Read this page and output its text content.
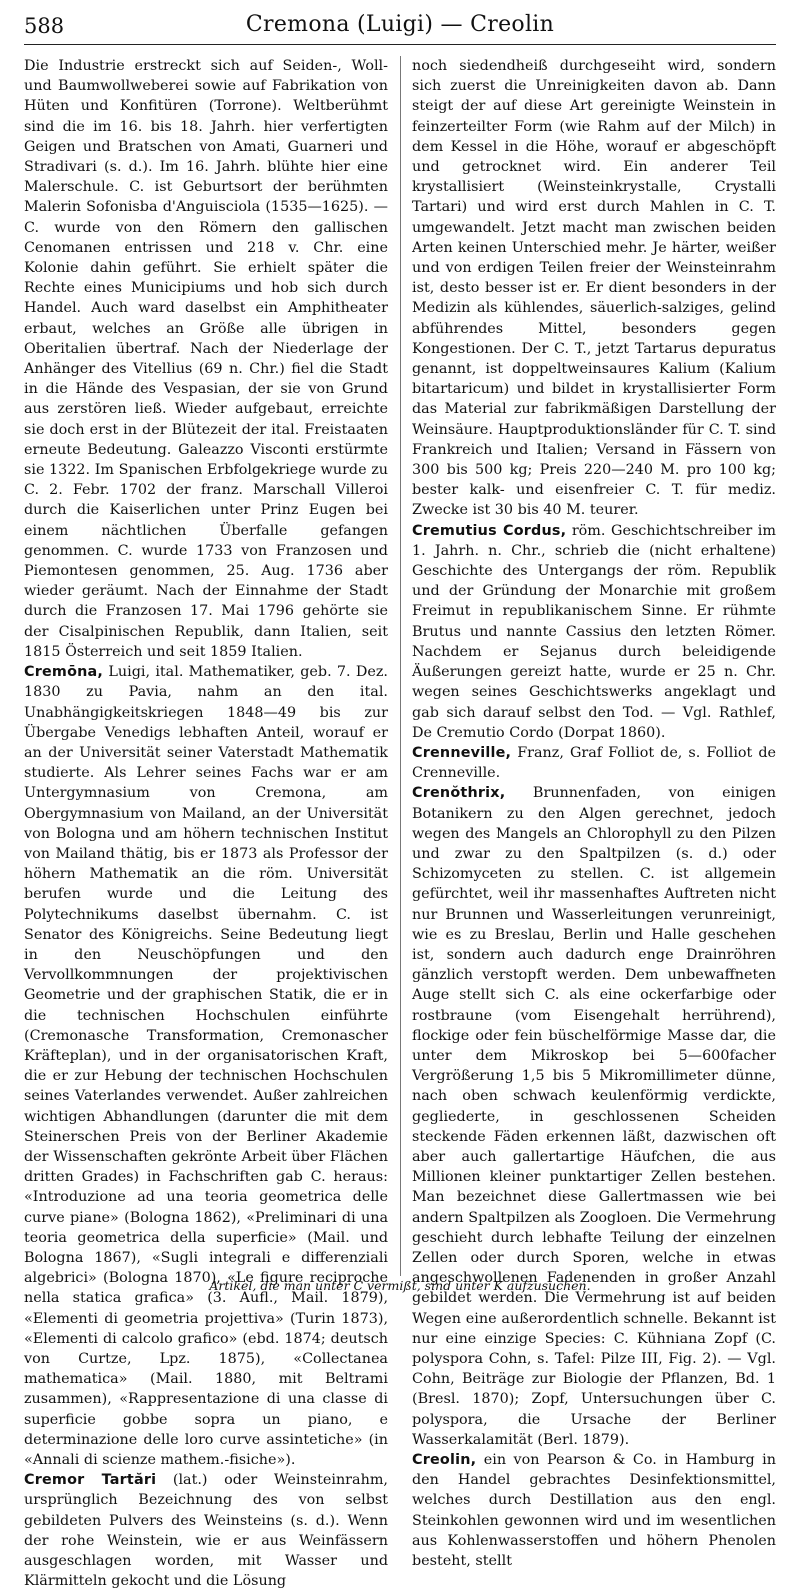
588	Cremona (Luigi) — Creolin

Die Industrie erstreckt sich auf Seiden-, Woll- und Baumwollweberei sowie auf Fabrikation von Hüten und Konfitüren (Torrone). Weltberühmt sind die im 16. bis 18. Jahrh. hier verfertigten Geigen und Bratschen von Amati, Guarneri und Stradivari (s. d.). Im 16. Jahrh. blühte hier eine Malerschule. C. ist Geburtsort der berühmten Malerin Sofonisba d'Anguisciola (1535—1625). — C. wurde von den Römern den gallischen Cenomanen entrissen und 218 v. Chr. eine Kolonie dahin geführt. Sie erhielt später die Rechte eines Municipiums und hob sich durch Handel. Auch ward daselbst ein Amphitheater erbaut, welches an Größe alle übrigen in Oberitalien übertraf. Nach der Niederlage der Anhänger des Vitellius (69 n. Chr.) fiel die Stadt in die Hände des Vespasian, der sie von Grund aus zerstören ließ. Wieder aufgebaut, erreichte sie doch erst in der Blütezeit der ital. Freistaaten erneute Bedeutung. Galeazzo Visconti erstürmte sie 1322. Im Spanischen Erbfolgekriege wurde zu C. 2. Febr. 1702 der franz. Marschall Villeroi durch die Kaiserlichen unter Prinz Eugen bei einem nächtlichen Überfalle gefangen genommen. C. wurde 1733 von Franzosen und Piemontesen genommen, 25. Aug. 1736 aber wieder geräumt. Nach der Einnahme der Stadt durch die Franzosen 17. Mai 1796 gehörte sie der Cisalpinischen Republik, dann Italien, seit 1815 Österreich und seit 1859 Italien.

Cremōna, Luigi, ital. Mathematiker, geb. 7. Dez. 1830 zu Pavia, nahm an den ital. Unabhängigkeitskriegen 1848—49 bis zur Übergabe Venedigs lebhaften Anteil, worauf er an der Universität seiner Vaterstadt Mathematik studierte. Als Lehrer seines Fachs war er am Untergymnasium von Cremona, am Obergymnasium von Mailand, an der Universität von Bologna und am höhern technischen Institut von Mailand thätig, bis er 1873 als Professor der höhern Mathematik an die röm. Universität berufen wurde und die Leitung des Polytechnikums daselbst übernahm. C. ist Senator des Königreichs. Seine Bedeutung liegt in den Neuschöpfungen und den Vervollkommnungen der projektivischen Geometrie und der graphischen Statik, die er in die technischen Hochschulen einführte (Cremonasche Transformation, Cremonascher Kräfteplan), und in der organisatorischen Kraft, die er zur Hebung der technischen Hochschulen seines Vaterlandes verwendet. Außer zahlreichen wichtigen Abhandlungen (darunter die mit dem Steinerschen Preis von der Berliner Akademie der Wissenschaften gekrönte Arbeit über Flächen dritten Grades) in Fachschriften gab C. heraus: «Introduzione ad una teoria geometrica delle curve piane» (Bologna 1862), «Preliminari di una teoria geometrica della superficie» (Mail. und Bologna 1867), «Sugli integrali e differenziali algebrici» (Bologna 1870), «Le figure reciproche nella statica grafica» (3. Aufl., Mail. 1879), «Elementi di geometria projettiva» (Turin 1873), «Elementi di calcolo grafico» (ebd. 1874; deutsch von Curtze, Lpz. 1875), «Collectanea mathematica» (Mail. 1880, mit Beltrami zusammen), «Rappresentazione di una classe di superficie gobbe sopra un piano, e determinazione delle loro curve assintetiche» (in «Annali di scienze mathem.-fisiche»).

Cremor Tartări (lat.) oder Weinsteinrahm, ursprünglich Bezeichnung des von selbst gebildeten Pulvers des Weinsteins (s. d.). Wenn der rohe Weinstein, wie er aus Weinfässern ausgeschlagen worden, mit Wasser und Klärmitteln gekocht und die Lösung

noch siedendheiß durchgeseiht wird, sondern sich zuerst die Unreinigkeiten davon ab. Dann steigt der auf diese Art gereinigte Weinstein in feinzerteilter Form (wie Rahm auf der Milch) in dem Kessel in die Höhe, worauf er abgeschöpft und getrocknet wird. Ein anderer Teil krystallisiert (Weinsteinkrystalle, Crystalli Tartari) und wird erst durch Mahlen in C. T. umgewandelt. Jetzt macht man zwischen beiden Arten keinen Unterschied mehr. Je härter, weißer und von erdigen Teilen freier der Weinsteinrahm ist, desto besser ist er. Er dient besonders in der Medizin als kühlendes, säuerlich-salziges, gelind abführendes Mittel, besonders gegen Kongestionen. Der C. T., jetzt Tartarus depuratus genannt, ist doppeltweinsaures Kalium (Kalium bitartaricum) und bildet in krystallisierter Form das Material zur fabrikmäßigen Darstellung der Weinsäure. Hauptproduktionsländer für C. T. sind Frankreich und Italien; Versand in Fässern von 300 bis 500 kg; Preis 220—240 M. pro 100 kg; bester kalk- und eisenfreier C. T. für mediz. Zwecke ist 30 bis 40 M. teurer.

Cremutius Cordus, röm. Geschichtschreiber im 1. Jahrh. n. Chr., schrieb die (nicht erhaltene) Geschichte des Untergangs der röm. Republik und der Gründung der Monarchie mit großem Freimut in republikanischem Sinne. Er rühmte Brutus und nannte Cassius den letzten Römer. Nachdem er Sejanus durch beleidigende Äußerungen gereizt hatte, wurde er 25 n. Chr. wegen seines Geschichtswerks angeklagt und gab sich darauf selbst den Tod. — Vgl. Rathlef, De Cremutio Cordo (Dorpat 1860).

Crenneville, Franz, Graf Folliot de, s. Folliot de Crenneville.

Crenŏthrix, Brunnenfaden, von einigen Botanikern zu den Algen gerechnet, jedoch wegen des Mangels an Chlorophyll zu den Pilzen und zwar zu den Spaltpilzen (s. d.) oder Schizomyceten zu stellen. C. ist allgemein gefürchtet, weil ihr massenhaftes Auftreten nicht nur Brunnen und Wasserleitungen verunreinigt, wie es zu Breslau, Berlin und Halle geschehen ist, sondern auch dadurch enge Drainröhren gänzlich verstopft werden. Dem unbewaffneten Auge stellt sich C. als eine ockerfarbige oder rostbraune (vom Eisengehalt herrührend), flockige oder fein büschelförmige Masse dar, die unter dem Mikroskop bei 5—600facher Vergrößerung 1,5 bis 5 Mikromillimeter dünne, nach oben schwach keulenförmig verdickte, gegliederte, in geschlossenen Scheiden steckende Fäden erkennen läßt, dazwischen oft aber auch gallertartige Häufchen, die aus Millionen kleiner punktartiger Zellen bestehen. Man bezeichnet diese Gallertmassen wie bei andern Spaltpilzen als Zoogloen. Die Vermehrung geschieht durch lebhafte Teilung der einzelnen Zellen oder durch Sporen, welche in etwas angeschwollenen Fadenenden in großer Anzahl gebildet werden. Die Vermehrung ist auf beiden Wegen eine außerordentlich schnelle. Bekannt ist nur eine einzige Species: C. Kühniana Zopf (C. polyspora Cohn, s. Tafel: Pilze III, Fig. 2). — Vgl. Cohn, Beiträge zur Biologie der Pflanzen, Bd. 1 (Bresl. 1870); Zopf, Untersuchungen über C. polyspora, die Ursache der Berliner Wasserkalamität (Berl. 1879).

Creolin, ein von Pearson & Co. in Hamburg in den Handel gebrachtes Desinfektionsmittel, welches durch Destillation aus den engl. Steinkohlen gewonnen wird und im wesentlichen aus Kohlenwasserstoffen und höhern Phenolen besteht, stellt

Artikel, die man unter C vermißt, sind unter K aufzusuchen.
